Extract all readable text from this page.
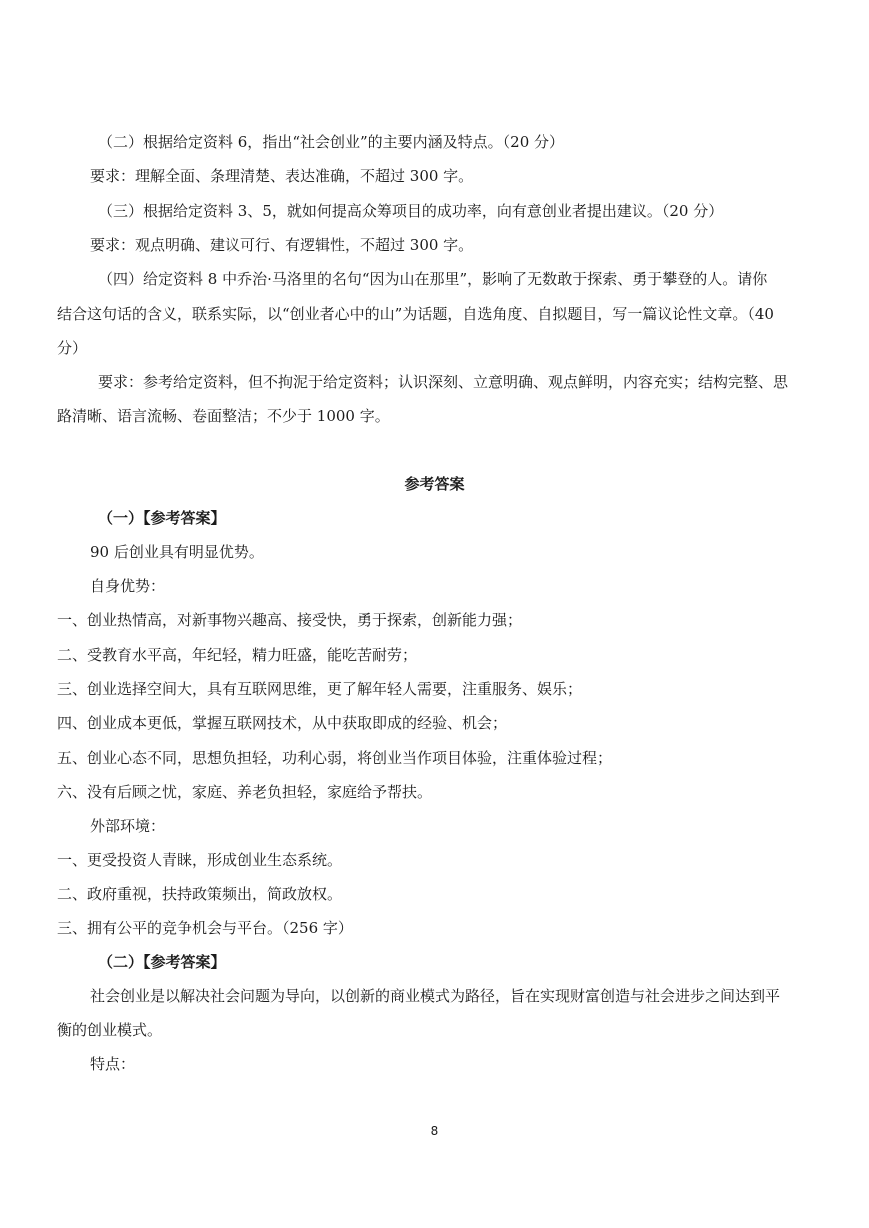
（二）根据给定资料 6，指出“社会创业”的主要内涵及特点。（20 分）

要求：理解全面、条理清楚、表达准确，不超过 300 字。

（三）根据给定资料 3、5，就如何提高众筹项目的成功率，向有意创业者提出建议。（20 分）

要求：观点明确、建议可行、有逻辑性，不超过 300 字。

（四）给定资料 8 中乔治·马洛里的名句“因为山在那里”，影响了无数敢于探索、勇于攀登的人。请你

结合这句话的含义，联系实际，以“创业者心中的山”为话题，自选角度、自拟题目，写一篇议论性文章。（40

分）

要求：参考给定资料，但不拘泥于给定资料；认识深刻、立意明确、观点鲜明，内容充实；结构完整、思

路清晰、语言流畅、卷面整洁；不少于 1000 字。

参考答案

（一）【参考答案】

90 后创业具有明显优势。

自身优势：

一、创业热情高，对新事物兴趣高、接受快，勇于探索，创新能力强；

二、受教育水平高，年纪轻，精力旺盛，能吃苦耐劳；

三、创业选择空间大，具有互联网思维，更了解年轻人需要，注重服务、娱乐；

四、创业成本更低，掌握互联网技术，从中获取即成的经验、机会；

五、创业心态不同，思想负担轻，功利心弱，将创业当作项目体验，注重体验过程；

六、没有后顾之忧，家庭、养老负担轻，家庭给予帮扶。

外部环境：

一、更受投资人青睐，形成创业生态系统。

二、政府重视，扶持政策频出，简政放权。

三、拥有公平的竞争机会与平台。（256 字）

（二）【参考答案】

社会创业是以解决社会问题为导向，以创新的商业模式为路径，旨在实现财富创造与社会进步之间达到平

衡的创业模式。

特点：

8
